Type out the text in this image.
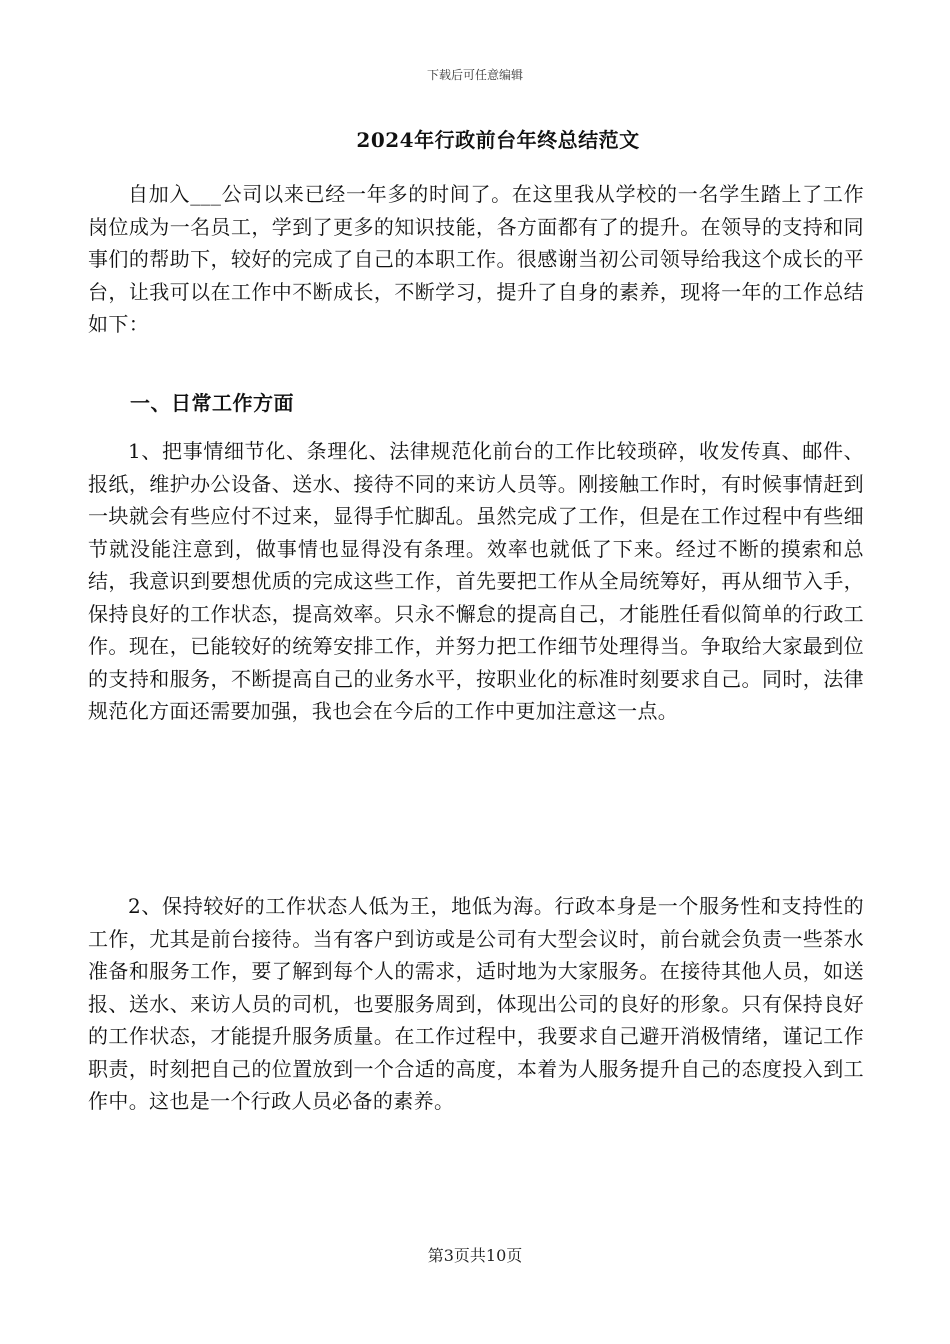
下载后可任意编辑
2024年行政前台年终总结范文

自加入___公司以来已经一年多的时间了。在这里我从学校的一名学生踏上了工作岗位成为一名员工，学到了更多的知识技能，各方面都有了的提升。在领导的支持和同事们的帮助下，较好的完成了自己的本职工作。很感谢当初公司领导给我这个成长的平台，让我可以在工作中不断成长，不断学习，提升了自身的素养，现将一年的工作总结如下：

一、日常工作方面

1、把事情细节化、条理化、法律规范化前台的工作比较琐碎，收发传真、邮件、报纸，维护办公设备、送水、接待不同的来访人员等。刚接触工作时，有时候事情赶到一块就会有些应付不过来，显得手忙脚乱。虽然完成了工作，但是在工作过程中有些细节就没能注意到，做事情也显得没有条理。效率也就低了下来。经过不断的摸索和总结，我意识到要想优质的完成这些工作，首先要把工作从全局统筹好，再从细节入手，保持良好的工作状态，提高效率。只永不懈怠的提高自己，才能胜任看似简单的行政工作。现在，已能较好的统筹安排工作，并努力把工作细节处理得当。争取给大家最到位的支持和服务，不断提高自己的业务水平，按职业化的标准时刻要求自己。同时，法律规范化方面还需要加强，我也会在今后的工作中更加注意这一点。

2、保持较好的工作状态人低为王，地低为海。行政本身是一个服务性和支持性的工作，尤其是前台接待。当有客户到访或是公司有大型会议时，前台就会负责一些茶水准备和服务工作，要了解到每个人的需求，适时地为大家服务。在接待其他人员，如送报、送水、来访人员的司机，也要服务周到，体现出公司的良好的形象。只有保持良好的工作状态，才能提升服务质量。在工作过程中，我要求自己避开消极情绪，谨记工作职责，时刻把自己的位置放到一个合适的高度，本着为人服务提升自己的态度投入到工作中。这也是一个行政人员必备的素养。

第3页共10页
